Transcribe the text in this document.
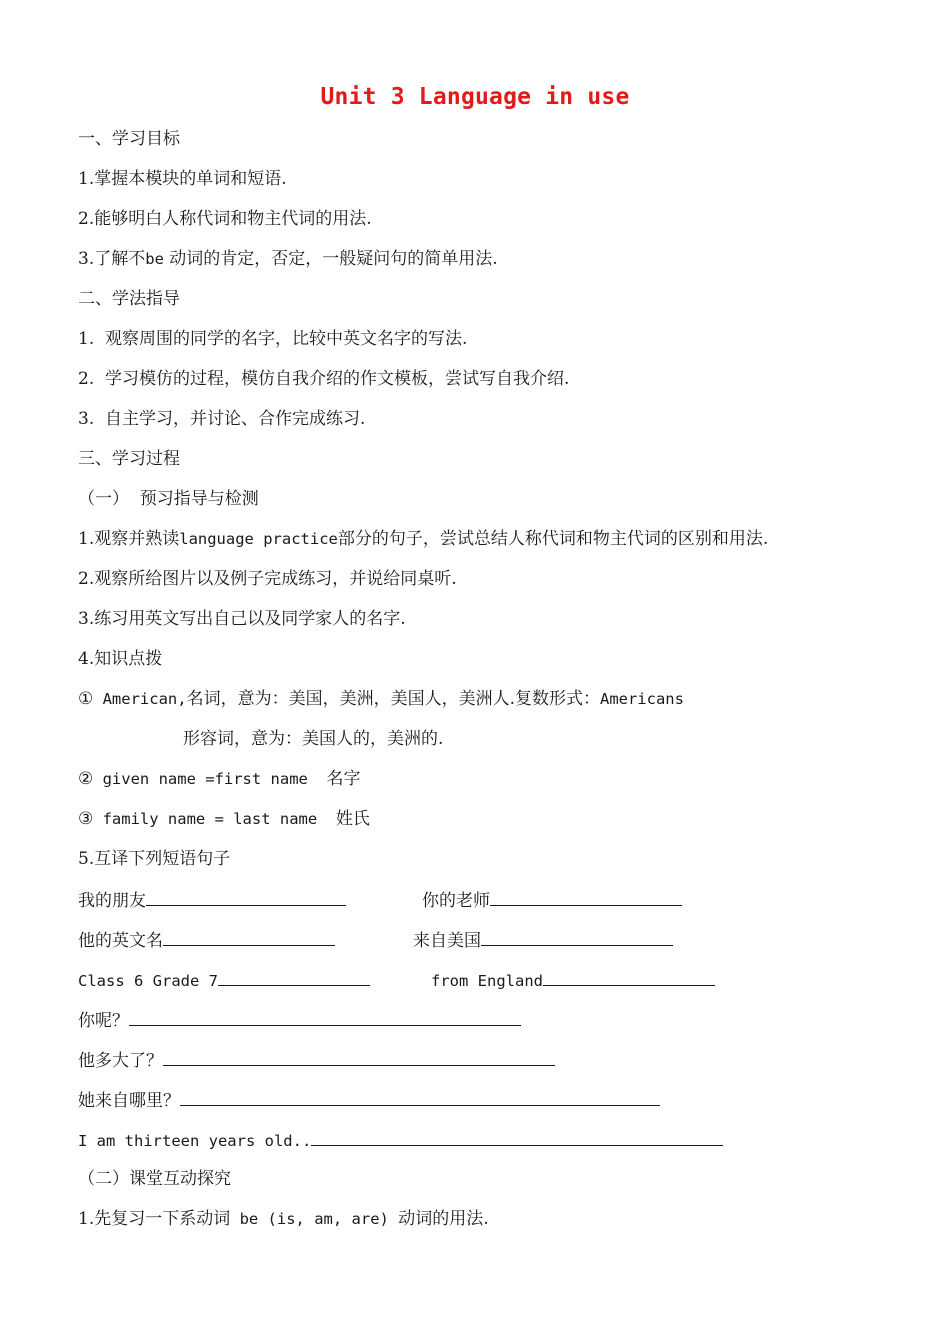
Unit 3 Language in use
一、学习目标
1.掌握本模块的单词和短语.
2.能够明白人称代词和物主代词的用法.
3.了解不be 动词的肯定，否定，一般疑问句的简单用法.
二、学法指导
1.  观察周围的同学的名字，比较中英文名字的写法.
2.  学习模仿的过程，模仿自我介绍的作文模板，尝试写自我介绍.
3.  自主学习，并讨论、合作完成练习.
三、学习过程
（一）  预习指导与检测
1.观察并熟读language practice部分的句子，尝试总结人称代词和物主代词的区别和用法.
2.观察所给图片以及例子完成练习，并说给同桌听.
3.练习用英文写出自己以及同学家人的名字.
4.知识点拨
① American,名词，意为：美国，美洲，美国人，美洲人.复数形式：Americans
形容词，意为：美国人的，美洲的.
② given name =first name  名字
③ family name = last name  姓氏
5.互译下列短语句子
我的朋友	你的老师
他的英文名	来自美国
Class 6 Grade 7	from England
你呢？
他多大了？
她来自哪里？
I am thirteen years old..
（二）课堂互动探究
1.先复习一下系动词 be (is, am, are) 动词的用法.
